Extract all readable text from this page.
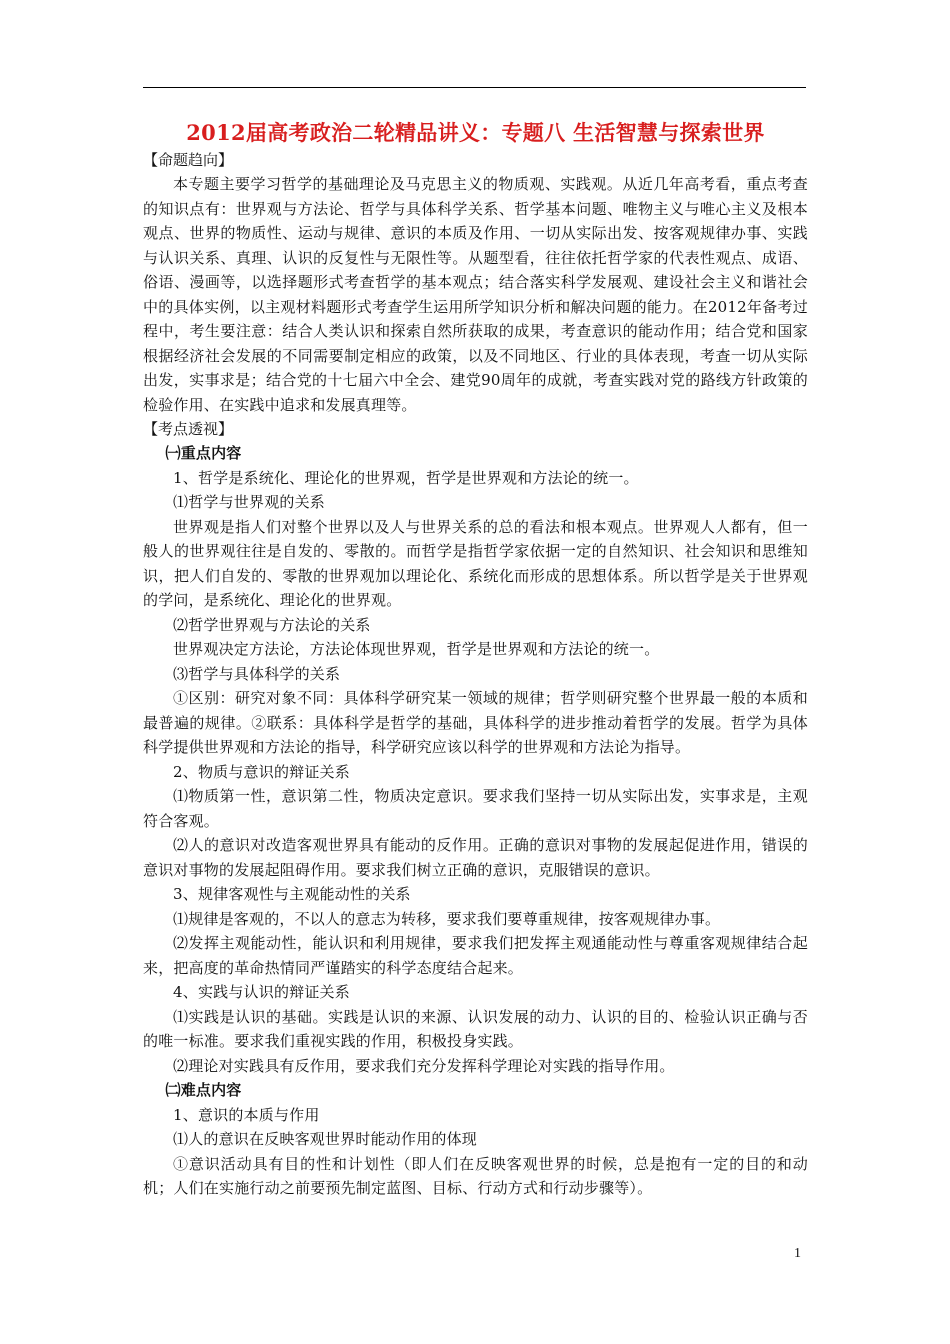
2012届高考政治二轮精品讲义：专题八 生活智慧与探索世界

【命题趋向】

本专题主要学习哲学的基础理论及马克思主义的物质观、实践观。从近几年高考看，重点考查的知识点有：世界观与方法论、哲学与具体科学关系、哲学基本问题、唯物主义与唯心主义及根本观点、世界的物质性、运动与规律、意识的本质及作用、一切从实际出发、按客观规律办事、实践与认识关系、真理、认识的反复性与无限性等。从题型看，往往依托哲学家的代表性观点、成语、俗语、漫画等，以选择题形式考查哲学的基本观点；结合落实科学发展观、建设社会主义和谐社会中的具体实例，以主观材料题形式考查学生运用所学知识分析和解决问题的能力。在2012年备考过程中，考生要注意：结合人类认识和探索自然所获取的成果，考查意识的能动作用；结合党和国家根据经济社会发展的不同需要制定相应的政策，以及不同地区、行业的具体表现，考查一切从实际出发，实事求是；结合党的十七届六中全会、建党90周年的成就，考查实践对党的路线方针政策的检验作用、在实践中追求和发展真理等。

【考点透视】

㈠重点内容

1、哲学是系统化、理论化的世界观，哲学是世界观和方法论的统一。

⑴哲学与世界观的关系

世界观是指人们对整个世界以及人与世界关系的总的看法和根本观点。世界观人人都有，但一般人的世界观往往是自发的、零散的。而哲学是指哲学家依据一定的自然知识、社会知识和思维知识，把人们自发的、零散的世界观加以理论化、系统化而形成的思想体系。所以哲学是关于世界观的学问，是系统化、理论化的世界观。

⑵哲学世界观与方法论的关系

世界观决定方法论，方法论体现世界观，哲学是世界观和方法论的统一。

⑶哲学与具体科学的关系

①区别：研究对象不同：具体科学研究某一领域的规律；哲学则研究整个世界最一般的本质和最普遍的规律。②联系：具体科学是哲学的基础，具体科学的进步推动着哲学的发展。哲学为具体科学提供世界观和方法论的指导，科学研究应该以科学的世界观和方法论为指导。

2、物质与意识的辩证关系

⑴物质第一性，意识第二性，物质决定意识。要求我们坚持一切从实际出发，实事求是，主观符合客观。

⑵人的意识对改造客观世界具有能动的反作用。正确的意识对事物的发展起促进作用，错误的意识对事物的发展起阻碍作用。要求我们树立正确的意识，克服错误的意识。

3、规律客观性与主观能动性的关系

⑴规律是客观的，不以人的意志为转移，要求我们要尊重规律，按客观规律办事。

⑵发挥主观能动性，能认识和利用规律，要求我们把发挥主观通能动性与尊重客观规律结合起来，把高度的革命热情同严谨踏实的科学态度结合起来。

4、实践与认识的辩证关系

⑴实践是认识的基础。实践是认识的来源、认识发展的动力、认识的目的、检验认识正确与否的唯一标准。要求我们重视实践的作用，积极投身实践。

⑵理论对实践具有反作用，要求我们充分发挥科学理论对实践的指导作用。

㈡难点内容

1、意识的本质与作用

⑴人的意识在反映客观世界时能动作用的体现

①意识活动具有目的性和计划性（即人们在反映客观世界的时候，总是抱有一定的目的和动机；人们在实施行动之前要预先制定蓝图、目标、行动方式和行动步骤等）。

1
